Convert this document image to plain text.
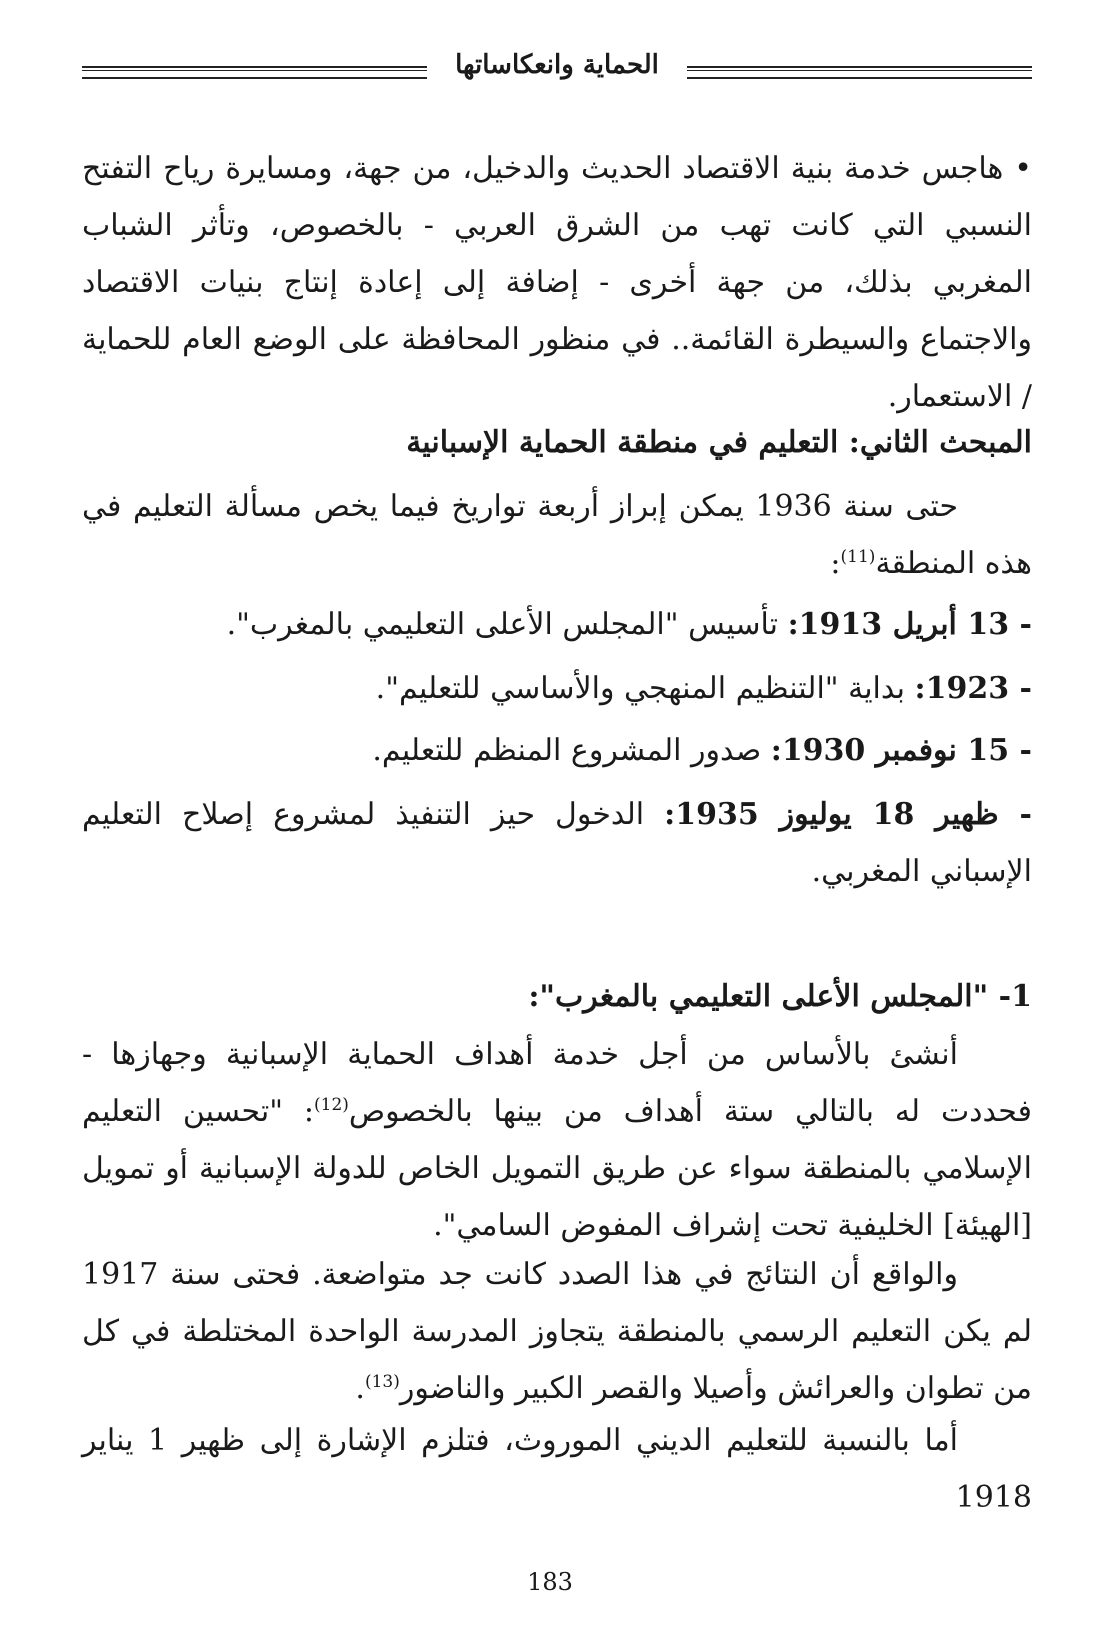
الحماية وانعكاساتها

• هاجس خدمة بنية الاقتصاد الحديث والدخيل، من جهة، ومسايرة رياح التفتح النسبي التي كانت تهب من الشرق العربي - بالخصوص، وتأثر الشباب المغربي بذلك، من جهة أخرى - إضافة إلى إعادة إنتاج بنيات الاقتصاد والاجتماع والسيطرة القائمة.. في منظور المحافظة على الوضع العام للحماية / الاستعمار.

المبحث الثاني: التعليم في منطقة الحماية الإسبانية

حتى سنة 1936 يمكن إبراز أربعة تواريخ فيما يخص مسألة التعليم في هذه المنطقة$^{(11)}$:

- 13 أبريل 1913: تأسيس "المجلس الأعلى التعليمي بالمغرب".

- 1923: بداية "التنظيم المنهجي والأساسي للتعليم".

- 15 نوفمبر 1930: صدور المشروع المنظم للتعليم.

- ظهير 18 يوليوز 1935: الدخول حيز التنفيذ لمشروع إصلاح التعليم الإسباني المغربي.

1- "المجلس الأعلى التعليمي بالمغرب":

أنشئ بالأساس من أجل خدمة أهداف الحماية الإسبانية وجهازها - فحددت له بالتالي ستة أهداف من بينها بالخصوص$^{(12)}$: "تحسين التعليم الإسلامي بالمنطقة سواء عن طريق التمويل الخاص للدولة الإسبانية أو تمويل [الهيئة] الخليفية تحت إشراف المفوض السامي".

والواقع أن النتائج في هذا الصدد كانت جد متواضعة. فحتى سنة 1917 لم يكن التعليم الرسمي بالمنطقة يتجاوز المدرسة الواحدة المختلطة في كل من تطوان والعرائش وأصيلا والقصر الكبير والناضور$^{(13)}$.

أما بالنسبة للتعليم الديني الموروث، فتلزم الإشارة إلى ظهير 1 يناير 1918

183
